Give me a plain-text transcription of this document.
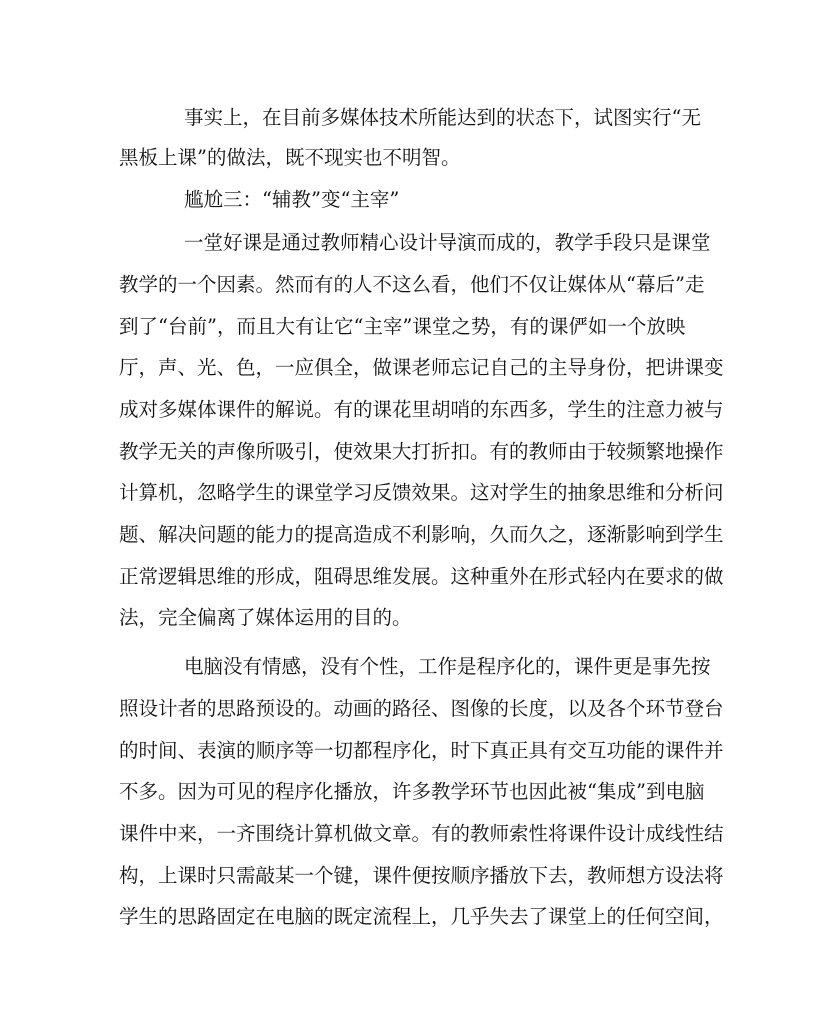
事实上，在目前多媒体技术所能达到的状态下，试图实行“无
黑板上课”的做法，既不现实也不明智。
尴尬三：“辅教”变“主宰”
一堂好课是通过教师精心设计导演而成的，教学手段只是课堂
教学的一个因素。然而有的人不这么看，他们不仅让媒体从“幕后”走
到了“台前”，而且大有让它“主宰”课堂之势，有的课俨如一个放映
厅，声、光、色，一应俱全，做课老师忘记自己的主导身份，把讲课变
成对多媒体课件的解说。有的课花里胡哨的东西多，学生的注意力被与
教学无关的声像所吸引，使效果大打折扣。有的教师由于较频繁地操作
计算机，忽略学生的课堂学习反馈效果。这对学生的抽象思维和分析问
题、解决问题的能力的提高造成不利影响，久而久之，逐渐影响到学生
正常逻辑思维的形成，阻碍思维发展。这种重外在形式轻内在要求的做
法，完全偏离了媒体运用的目的。
电脑没有情感，没有个性，工作是程序化的，课件更是事先按
照设计者的思路预设的。动画的路径、图像的长度，以及各个环节登台
的时间、表演的顺序等一切都程序化，时下真正具有交互功能的课件并
不多。因为可见的程序化播放，许多教学环节也因此被“集成”到电脑
课件中来，一齐围绕计算机做文章。有的教师索性将课件设计成线性结
构，上课时只需敲某一个键，课件便按顺序播放下去，教师想方设法将
学生的思路固定在电脑的既定流程上，几乎失去了课堂上的任何空间，
